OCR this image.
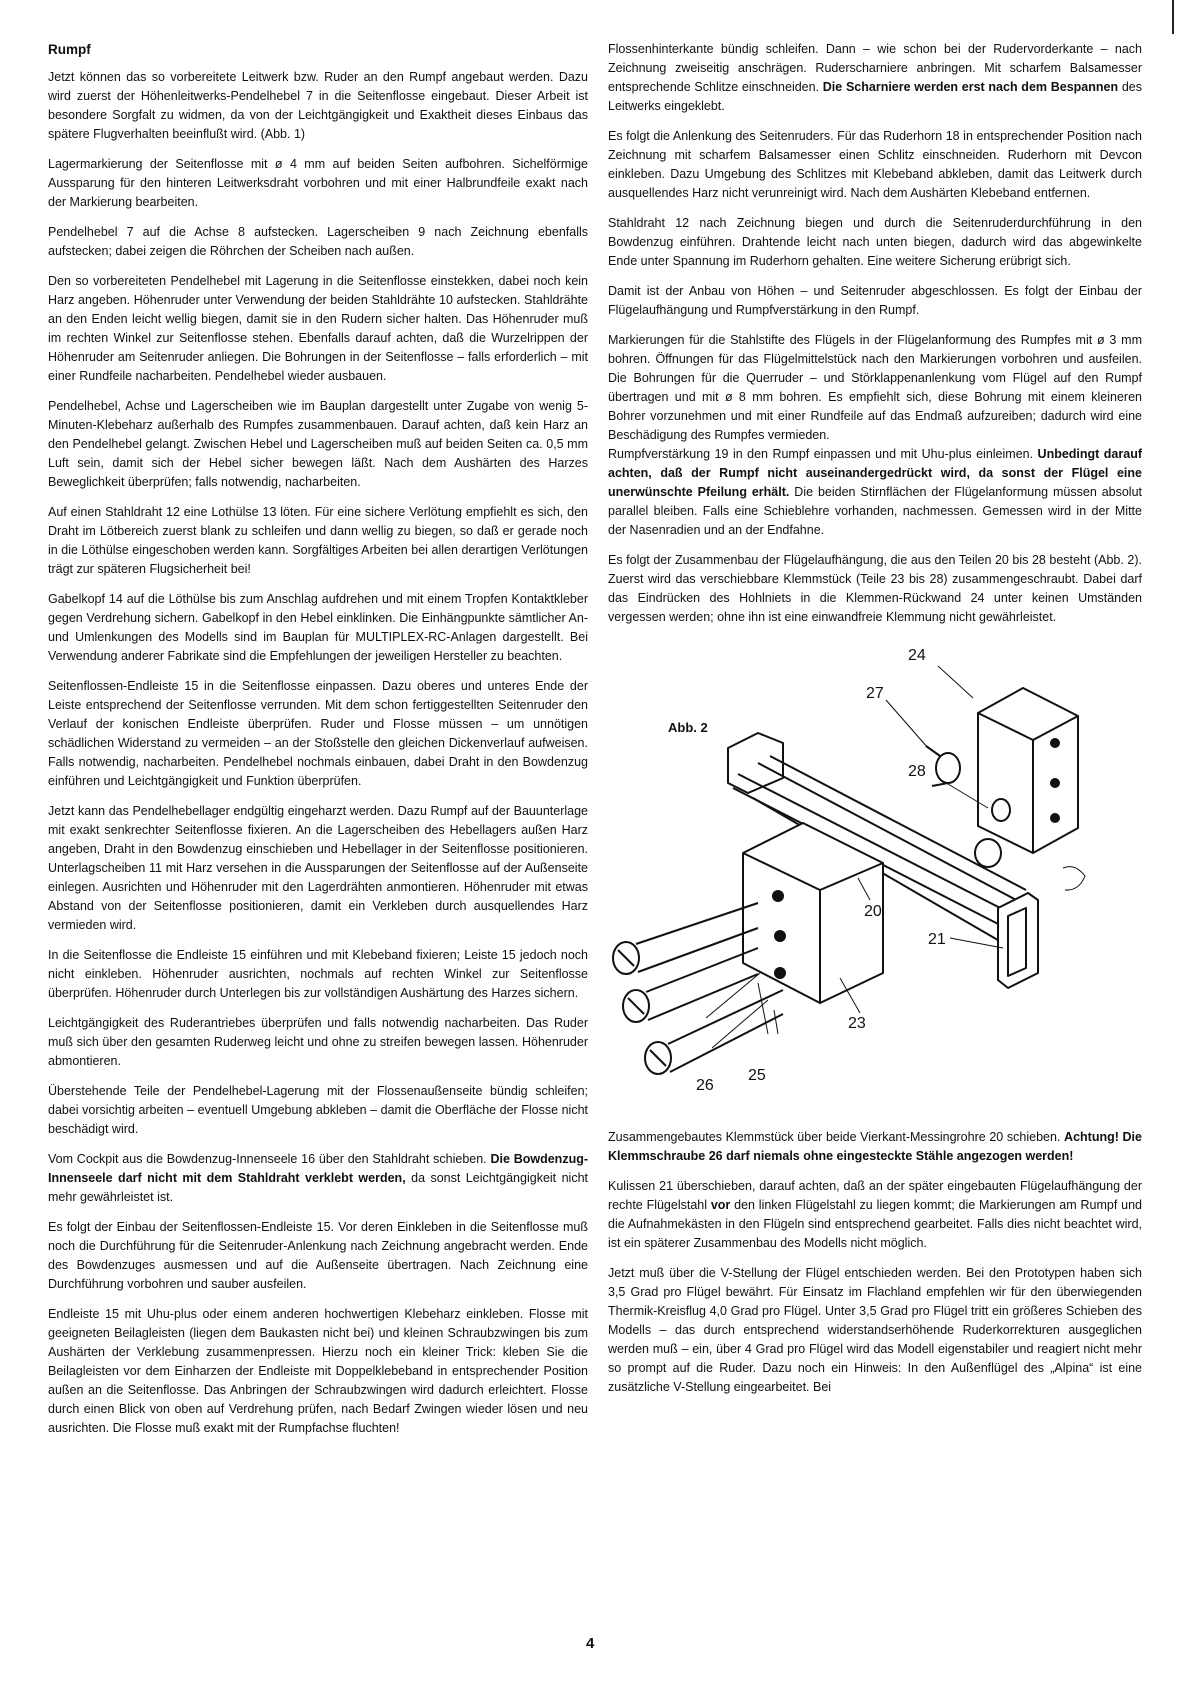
Rumpf

Jetzt können das so vorbereitete Leitwerk bzw. Ruder an den Rumpf angebaut werden. Dazu wird zuerst der Höhenleitwerks-Pendelhebel 7 in die Seitenflosse eingebaut. Dieser Arbeit ist besondere Sorgfalt zu widmen, da von der Leichtgängigkeit und Exaktheit dieses Einbaus das spätere Flugverhalten beeinflußt wird. (Abb. 1)

Lagermarkierung der Seitenflosse mit ø 4 mm auf beiden Seiten aufbohren. Sichelförmige Aussparung für den hinteren Leitwerksdraht vorbohren und mit einer Halbrundfeile exakt nach der Markierung bearbeiten.

Pendelhebel 7 auf die Achse 8 aufstecken. Lagerscheiben 9 nach Zeichnung ebenfalls aufstecken; dabei zeigen die Röhrchen der Scheiben nach außen.

Den so vorbereiteten Pendelhebel mit Lagerung in die Seitenflosse einstekken, dabei noch kein Harz angeben. Höhenruder unter Verwendung der beiden Stahldrähte 10 aufstecken. Stahldrähte an den Enden leicht wellig biegen, damit sie in den Rudern sicher halten. Das Höhenruder muß im rechten Winkel zur Seitenflosse stehen. Ebenfalls darauf achten, daß die Wurzelrippen der Höhenruder am Seitenruder anliegen. Die Bohrungen in der Seitenflosse – falls erforderlich – mit einer Rundfeile nacharbeiten. Pendelhebel wieder ausbauen.

Pendelhebel, Achse und Lagerscheiben wie im Bauplan dargestellt unter Zugabe von wenig 5-Minuten-Klebeharz außerhalb des Rumpfes zusammenbauen. Darauf achten, daß kein Harz an den Pendelhebel gelangt. Zwischen Hebel und Lagerscheiben muß auf beiden Seiten ca. 0,5 mm Luft sein, damit sich der Hebel sicher bewegen läßt. Nach dem Aushärten des Harzes Beweglichkeit überprüfen; falls notwendig, nacharbeiten.

Auf einen Stahldraht 12 eine Lothülse 13 löten. Für eine sichere Verlötung empfiehlt es sich, den Draht im Lötbereich zuerst blank zu schleifen und dann wellig zu biegen, so daß er gerade noch in die Löthülse eingeschoben werden kann. Sorgfältiges Arbeiten bei allen derartigen Verlötungen trägt zur späteren Flugsicherheit bei!

Gabelkopf 14 auf die Löthülse bis zum Anschlag aufdrehen und mit einem Tropfen Kontaktkleber gegen Verdrehung sichern. Gabelkopf in den Hebel einklinken. Die Einhängpunkte sämtlicher An- und Umlenkungen des Modells sind im Bauplan für MULTIPLEX-RC-Anlagen dargestellt. Bei Verwendung anderer Fabrikate sind die Empfehlungen der jeweiligen Hersteller zu beachten.

Seitenflossen-Endleiste 15 in die Seitenflosse einpassen. Dazu oberes und unteres Ende der Leiste entsprechend der Seitenflosse verrunden. Mit dem schon fertiggestellten Seitenruder den Verlauf der konischen Endleiste überprüfen. Ruder und Flosse müssen – um unnötigen schädlichen Widerstand zu vermeiden – an der Stoßstelle den gleichen Dickenverlauf aufweisen. Falls notwendig, nacharbeiten. Pendelhebel nochmals einbauen, dabei Draht in den Bowdenzug einführen und Leichtgängigkeit und Funktion überprüfen.

Jetzt kann das Pendelhebellager endgültig eingeharzt werden. Dazu Rumpf auf der Bauunterlage mit exakt senkrechter Seitenflosse fixieren. An die Lagerscheiben des Hebellagers außen Harz angeben, Draht in den Bowdenzug einschieben und Hebellager in der Seitenflosse positionieren. Unterlagscheiben 11 mit Harz versehen in die Aussparungen der Seitenflosse auf der Außenseite einlegen. Ausrichten und Höhenruder mit den Lagerdrähten anmontieren. Höhenruder mit etwas Abstand von der Seitenflosse positionieren, damit ein Verkleben durch ausquellendes Harz vermieden wird.

In die Seitenflosse die Endleiste 15 einführen und mit Klebeband fixieren; Leiste 15 jedoch noch nicht einkleben. Höhenruder ausrichten, nochmals auf rechten Winkel zur Seitenflosse überprüfen. Höhenruder durch Unterlegen bis zur vollständigen Aushärtung des Harzes sichern.

Leichtgängigkeit des Ruderantriebes überprüfen und falls notwendig nacharbeiten. Das Ruder muß sich über den gesamten Ruderweg leicht und ohne zu streifen bewegen lassen. Höhenruder abmontieren.

Überstehende Teile der Pendelhebel-Lagerung mit der Flossenaußenseite bündig schleifen; dabei vorsichtig arbeiten – eventuell Umgebung abkleben – damit die Oberfläche der Flosse nicht beschädigt wird.

Vom Cockpit aus die Bowdenzug-Innenseele 16 über den Stahldraht schieben. Die Bowdenzug-Innenseele darf nicht mit dem Stahldraht verklebt werden, da sonst Leichtgängigkeit nicht mehr gewährleistet ist.

Es folgt der Einbau der Seitenflossen-Endleiste 15. Vor deren Einkleben in die Seitenflosse muß noch die Durchführung für die Seitenruder-Anlenkung nach Zeichnung angebracht werden. Ende des Bowdenzuges ausmessen und auf die Außenseite übertragen. Nach Zeichnung eine Durchführung vorbohren und sauber ausfeilen.

Endleiste 15 mit Uhu-plus oder einem anderen hochwertigen Klebeharz einkleben. Flosse mit geeigneten Beilagleisten (liegen dem Baukasten nicht bei) und kleinen Schraubzwingen bis zum Aushärten der Verklebung zusammenpressen. Hierzu noch ein kleiner Trick: kleben Sie die Beilagleisten vor dem Einharzen der Endleiste mit Doppelklebeband in entsprechender Position außen an die Seitenflosse. Das Anbringen der Schraubzwingen wird dadurch erleichtert. Flosse durch einen Blick von oben auf Verdrehung prüfen, nach Bedarf Zwingen wieder lösen und neu ausrichten. Die Flosse muß exakt mit der Rumpfachse fluchten!

Flossenhinterkante bündig schleifen. Dann – wie schon bei der Rudervorderkante – nach Zeichnung zweiseitig anschrägen. Ruderscharniere anbringen. Mit scharfem Balsamesser entsprechende Schlitze einschneiden. Die Scharniere werden erst nach dem Bespannen des Leitwerks eingeklebt.

Es folgt die Anlenkung des Seitenruders. Für das Ruderhorn 18 in entsprechender Position nach Zeichnung mit scharfem Balsamesser einen Schlitz einschneiden. Ruderhorn mit Devcon einkleben. Dazu Umgebung des Schlitzes mit Klebeband abkleben, damit das Leitwerk durch ausquellendes Harz nicht verunreinigt wird. Nach dem Aushärten Klebeband entfernen.

Stahldraht 12 nach Zeichnung biegen und durch die Seitenruderdurchführung in den Bowdenzug einführen. Drahtende leicht nach unten biegen, dadurch wird das abgewinkelte Ende unter Spannung im Ruderhorn gehalten. Eine weitere Sicherung erübrigt sich.

Damit ist der Anbau von Höhen – und Seitenruder abgeschlossen. Es folgt der Einbau der Flügelaufhängung und Rumpfverstärkung in den Rumpf.

Markierungen für die Stahlstifte des Flügels in der Flügelanformung des Rumpfes mit ø 3 mm bohren. Öffnungen für das Flügelmittelstück nach den Markierungen vorbohren und ausfeilen. Die Bohrungen für die Querruder – und Störklappenanlenkung vom Flügel auf den Rumpf übertragen und mit ø 8 mm bohren. Es empfiehlt sich, diese Bohrung mit einem kleineren Bohrer vorzunehmen und mit einer Rundfeile auf das Endmaß aufzureiben; dadurch wird eine Beschädigung des Rumpfes vermieden.

Rumpfverstärkung 19 in den Rumpf einpassen und mit Uhu-plus einleimen. Unbedingt darauf achten, daß der Rumpf nicht auseinandergedrückt wird, da sonst der Flügel eine unerwünschte Pfeilung erhält. Die beiden Stirnflächen der Flügelanformung müssen absolut parallel bleiben. Falls eine Schieblehre vorhanden, nachmessen. Gemessen wird in der Mitte der Nasenradien und an der Endfahne.

Es folgt der Zusammenbau der Flügelaufhängung, die aus den Teilen 20 bis 28 besteht (Abb. 2). Zuerst wird das verschiebbare Klemmstück (Teile 23 bis 28) zusammengeschraubt. Dabei darf das Eindrücken des Hohlniets in die Klemmen-Rückwand 24 unter keinen Umständen vergessen werden; ohne ihn ist eine einwandfreie Klemmung nicht gewährleistet.

24
27
28
20
21
23
26
25
Abb. 2

Zusammengebautes Klemmstück über beide Vierkant-Messingrohre 20 schieben. Achtung! Die Klemmschraube 26 darf niemals ohne eingesteckte Stähle angezogen werden!

Kulissen 21 überschieben, darauf achten, daß an der später eingebauten Flügelaufhängung der rechte Flügelstahl vor den linken Flügelstahl zu liegen kommt; die Markierungen am Rumpf und die Aufnahmekästen in den Flügeln sind entsprechend gearbeitet. Falls dies nicht beachtet wird, ist ein späterer Zusammenbau des Modells nicht möglich.

Jetzt muß über die V-Stellung der Flügel entschieden werden. Bei den Prototypen haben sich 3,5 Grad pro Flügel bewährt. Für Einsatz im Flachland empfehlen wir für den überwiegenden Thermik-Kreisflug 4,0 Grad pro Flügel. Unter 3,5 Grad pro Flügel tritt ein größeres Schieben des Modells – das durch entsprechend widerstandserhöhende Ruderkorrekturen ausgeglichen werden muß – ein, über 4 Grad pro Flügel wird das Modell eigenstabiler und reagiert nicht mehr so prompt auf die Ruder. Dazu noch ein Hinweis: In den Außenflügel des „Alpina“ ist eine zusätzliche V-Stellung eingearbeitet. Bei

4
